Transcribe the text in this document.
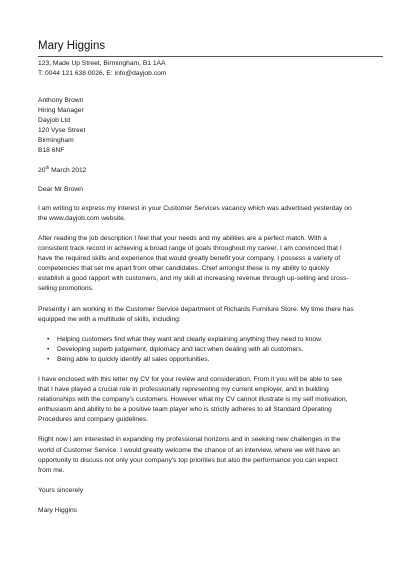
Mary Higgins
123, Made Up Street, Birmingham, B1 1AA
T: 0044 121 638 0026, E: info@dayjob.com
Anthony Brown
Hiring Manager
Dayjob Ltd
120 Vyse Street
Birmingham
B18 6NF
20th March 2012
Dear Mr Brown
I am writing to express my interest in your Customer Services vacancy which was advertised yesterday on
the www.dayjob.com website.
After reading the job description I feel that your needs and my abilities are a perfect match. With a
consistent track record in achieving a broad range of goals throughout my career, I am convinced that I
have the required skills and experience that would greatly benefit your company. I possess a variety of
competencies that set me apart from other candidates. Chief amongst these is my ability to quickly
establish a good rapport with customers, and my skill at increasing revenue through up-selling and cross-
selling promotions.
Presently I am working in the Customer Service department of Richards Furniture Store. My time there has
equipped me with a multitude of skills, including:
• Helping customers find what they want and clearly explaining anything they need to know.
• Developing superb judgement, diplomacy and tact when dealing with all customers.
• Being able to quickly identify all sales opportunities.
I have enclosed with this letter my CV for your review and consideration. From it you will be able to see
that I have played a crucial role in professionally representing my current employer, and in building
relationships with the company’s customers. However what my CV cannot illustrate is my self motivation,
enthusiasm and ability to be a positive team player who is strictly adheres to all Standard Operating
Procedures and company guidelines.
Right now I am interested in expanding my professional horizons and in seeking new challenges in the
world of Customer Service. I would greatly welcome the chance of an interview, where we will have an
opportunity to discuss not only your company’s top priorities but also the performance you can expect
from me.
Yours sincerely
Mary Higgins
